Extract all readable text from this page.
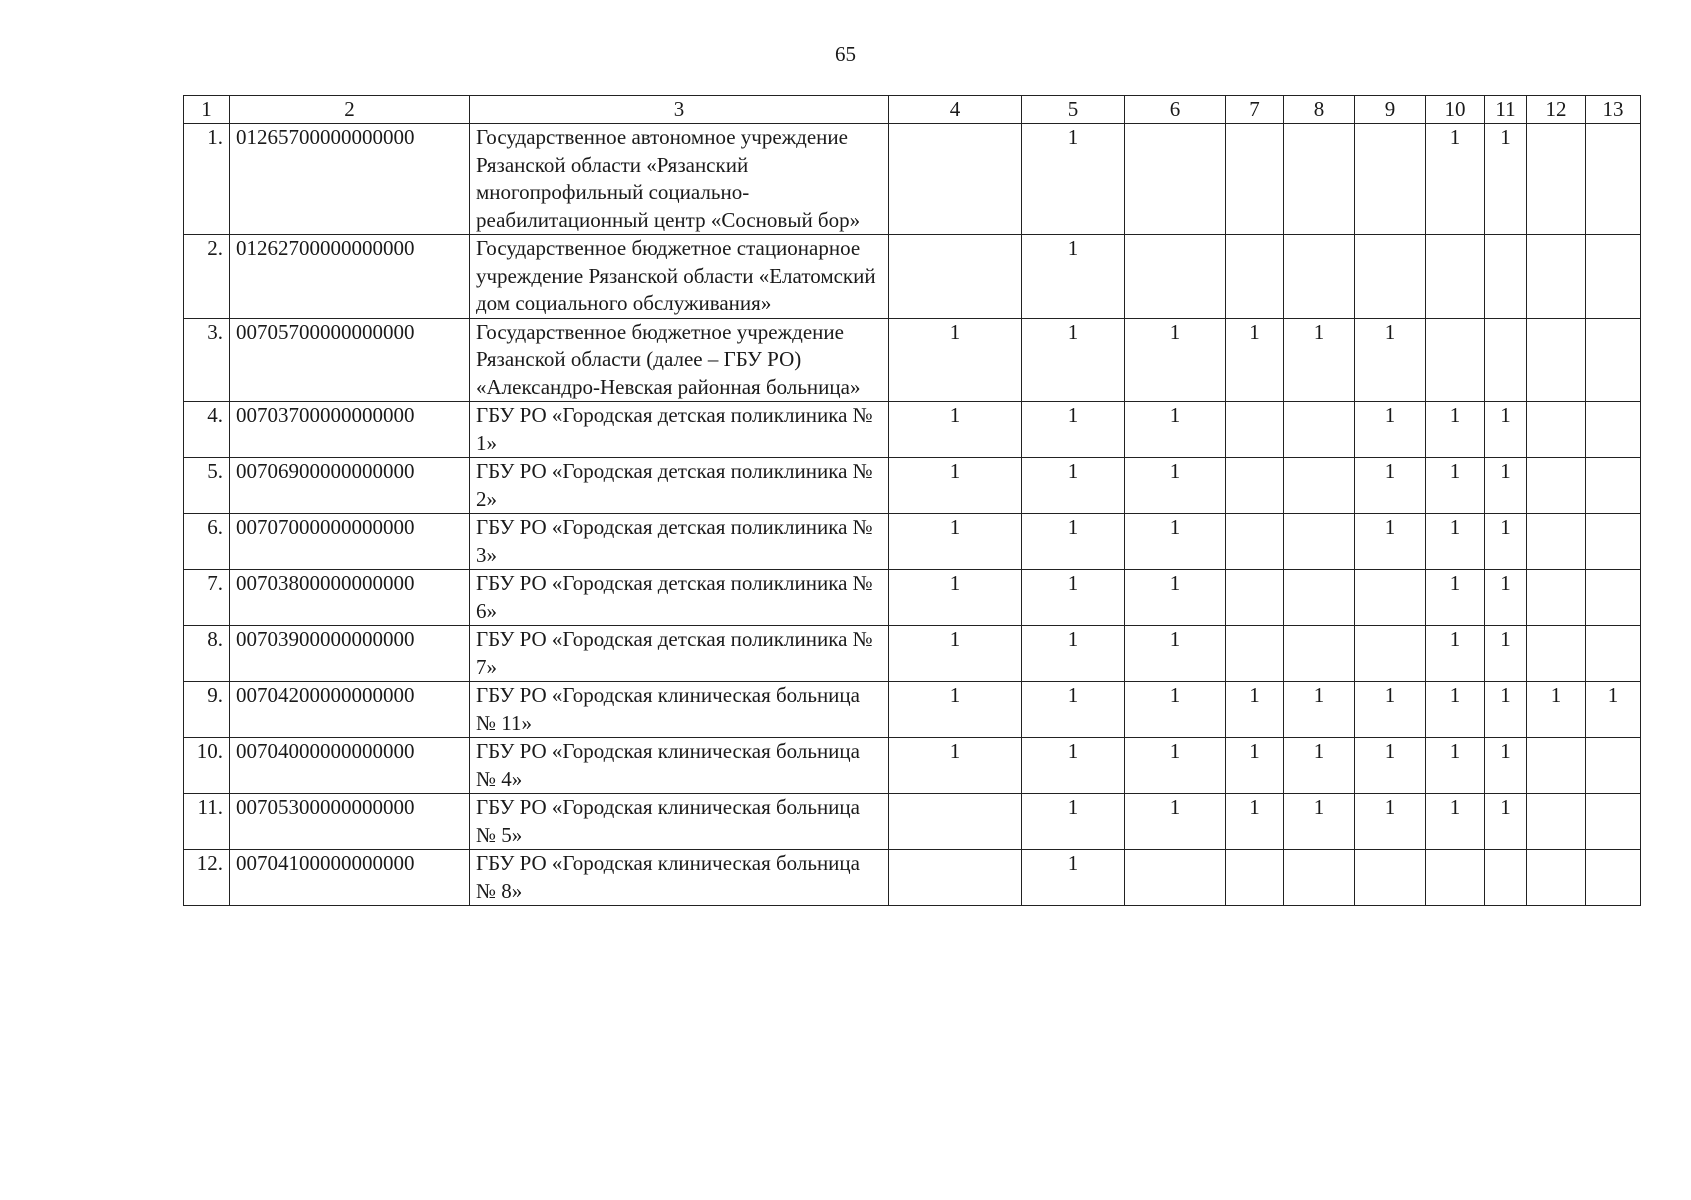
65
1	2	3	4	5	6	7	8	9	10	11	12	13
1.	01265700000000000	Государственное автономное учреждение Рязанской области «Рязанский многопрофильный социально-реабилитационный центр «Сосновый бор»		1					1	1		
2.	01262700000000000	Государственное бюджетное стационарное учреждение Рязанской области «Елатомский дом социального обслуживания»		1								
3.	00705700000000000	Государственное бюджетное учреждение Рязанской области (далее – ГБУ РО) «Александро-Невская районная больница»	1	1	1	1	1	1				
4.	00703700000000000	ГБУ РО «Городская детская поликлиника № 1»	1	1	1			1	1	1		
5.	00706900000000000	ГБУ РО «Городская детская поликлиника № 2»	1	1	1			1	1	1		
6.	00707000000000000	ГБУ РО «Городская детская поликлиника № 3»	1	1	1			1	1	1		
7.	00703800000000000	ГБУ РО «Городская детская поликлиника № 6»	1	1	1				1	1		
8.	00703900000000000	ГБУ РО «Городская детская поликлиника № 7»	1	1	1				1	1		
9.	00704200000000000	ГБУ РО «Городская клиническая больница № 11»	1	1	1	1	1	1	1	1	1	1
10.	00704000000000000	ГБУ РО «Городская клиническая больница № 4»	1	1	1	1	1	1	1	1		
11.	00705300000000000	ГБУ РО «Городская клиническая больница № 5»		1	1	1	1	1	1	1		
12.	00704100000000000	ГБУ РО «Городская клиническая больница № 8»		1								
